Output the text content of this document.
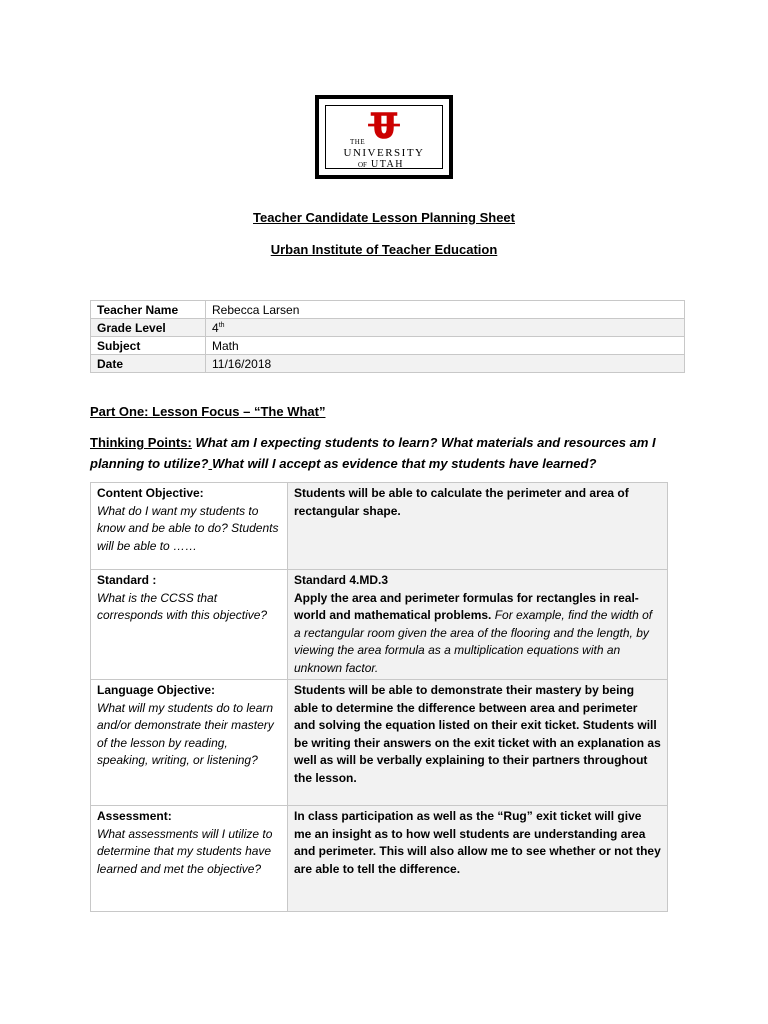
THE
UNIVERSITY
OF UTAH
Teacher Candidate Lesson Planning Sheet
Urban Institute of Teacher Education
Teacher Name	Rebecca Larsen
Grade Level	4th
Subject	Math
Date	11/16/2018
Part One: Lesson Focus – “The What”
Thinking Points: What am I expecting students to learn? What materials and resources am I planning to utilize? What will I accept as evidence that my students have learned?
Content Objective:
What do I want my students to know and be able to do? Students will be able to ……	Students will be able to calculate the perimeter and area of rectangular shape.

Standard :
What is the CCSS that corresponds with this objective?	Standard 4.MD.3
Apply the area and perimeter formulas for rectangles in real-world and mathematical problems. For example, find the width of a rectangular room given the area of the flooring and the length, by viewing the area formula as a multiplication equations with an unknown factor.

Language Objective:
What will my students do to learn and/or demonstrate their mastery of the lesson by reading, speaking, writing, or listening?	Students will be able to demonstrate their mastery by being able to determine the difference between area and perimeter and solving the equation listed on their exit ticket. Students will be writing their answers on the exit ticket with an explanation as well as will be verbally explaining to their partners throughout the lesson.

Assessment:
What assessments will I utilize to determine that my students have learned and met the objective?	In class participation as well as the “Rug” exit ticket will give me an insight as to how well students are understanding area and perimeter. This will also allow me to see whether or not they are able to tell the difference.
